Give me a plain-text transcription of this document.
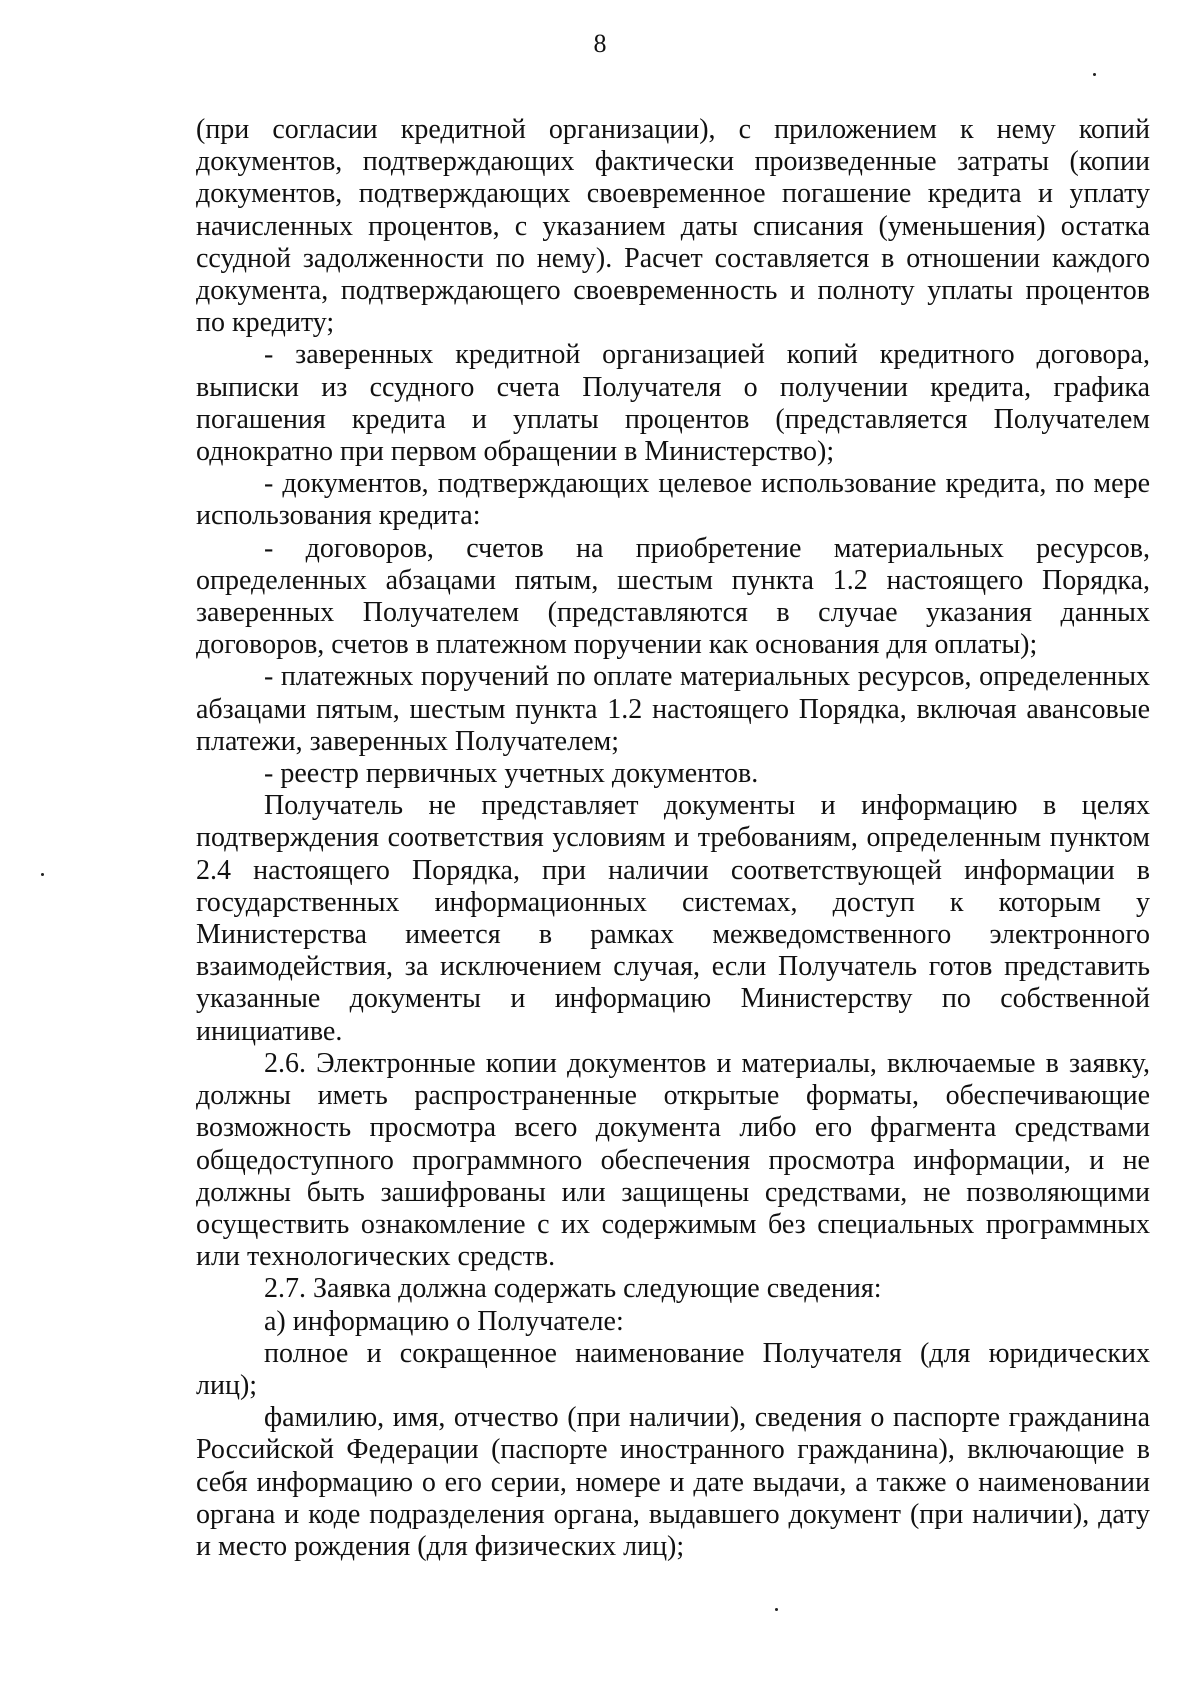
8

(при согласии кредитной организации), с приложением к нему копий документов, подтверждающих фактически произведенные затраты (копии документов, подтверждающих своевременное погашение кредита и уплату начисленных процентов, с указанием даты списания (уменьшения) остатка ссудной задолженности по нему). Расчет составляется в отношении каждого документа, подтверждающего своевременность и полноту уплаты процентов по кредиту;

- заверенных кредитной организацией копий кредитного договора, выписки из ссудного счета Получателя о получении кредита, графика погашения кредита и уплаты процентов (представляется Получателем однократно при первом обращении в Министерство);

- документов, подтверждающих целевое использование кредита, по мере использования кредита:

- договоров, счетов на приобретение материальных ресурсов, определенных абзацами пятым, шестым пункта 1.2 настоящего Порядка, заверенных Получателем (представляются в случае указания данных договоров, счетов в платежном поручении как основания для оплаты);

- платежных поручений по оплате материальных ресурсов, определенных абзацами пятым, шестым пункта 1.2 настоящего Порядка, включая авансовые платежи, заверенных Получателем;

- реестр первичных учетных документов.

Получатель не представляет документы и информацию в целях подтверждения соответствия условиям и требованиям, определенным пунктом 2.4 настоящего Порядка, при наличии соответствующей информации в государственных информационных системах, доступ к которым у Министерства имеется в рамках межведомственного электронного взаимодействия, за исключением случая, если Получатель готов представить указанные документы и информацию Министерству по собственной инициативе.

2.6. Электронные копии документов и материалы, включаемые в заявку, должны иметь распространенные открытые форматы, обеспечивающие возможность просмотра всего документа либо его фрагмента средствами общедоступного программного обеспечения просмотра информации, и не должны быть зашифрованы или защищены средствами, не позволяющими осуществить ознакомление с их содержимым без специальных программных или технологических средств.

2.7. Заявка должна содержать следующие сведения:

а) информацию о Получателе:

полное и сокращенное наименование Получателя (для юридических лиц);

фамилию, имя, отчество (при наличии), сведения о паспорте гражданина Российской Федерации (паспорте иностранного гражданина), включающие в себя информацию о его серии, номере и дате выдачи, а также о наименовании органа и коде подразделения органа, выдавшего документ (при наличии), дату и место рождения (для физических лиц);
